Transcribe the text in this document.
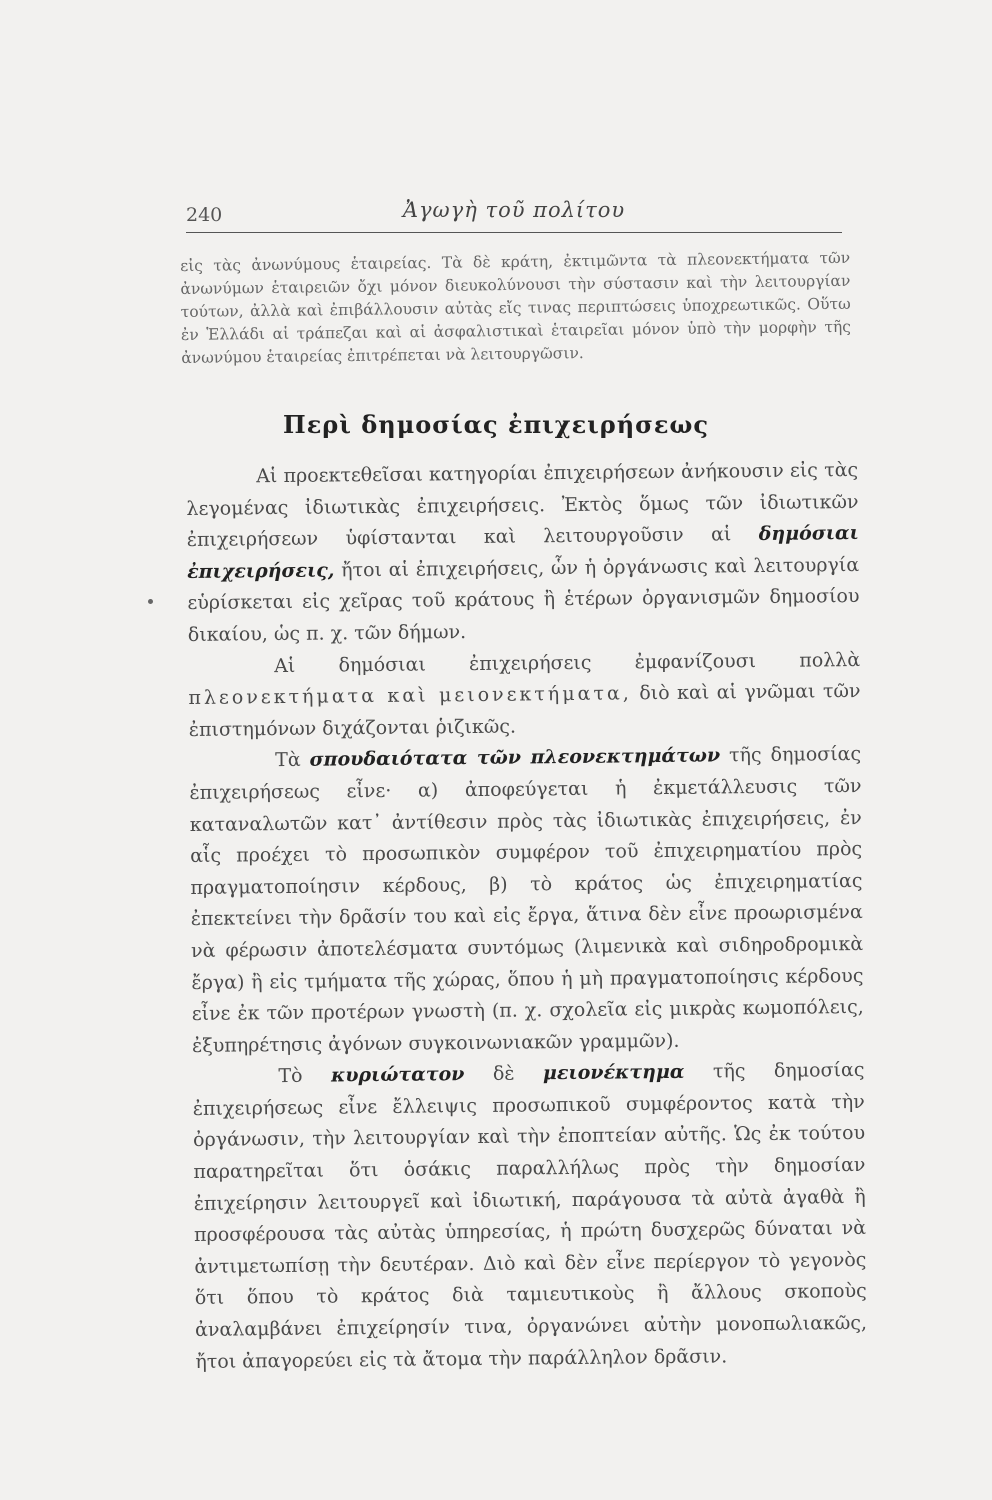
240	Ἀγωγὴ τοῦ πολίτου

εἰς τὰς ἀνωνύμους ἑταιρείας. Τὰ δὲ κράτη, ἐκτιμῶντα τὰ πλεονεκτήματα τῶν ἀνωνύμων ἑταιρειῶν ὄχι μόνον διευκολύνουσι τὴν σύστασιν καὶ τὴν λειτουργίαν τούτων, ἀλλὰ καὶ ἐπιβάλλουσιν αὐτὰς εἴς τινας περιπτώσεις ὑποχρεωτικῶς. Οὕτω ἐν Ἑλλάδι αἱ τράπεζαι καὶ αἱ ἀσφαλιστικαὶ ἑταιρεῖαι μόνον ὑπὸ τὴν μορφὴν τῆς ἀνωνύμου ἑταιρείας ἐπιτρέπεται νὰ λειτουργῶσιν.

Περὶ δημοσίας ἐπιχειρήσεως

Αἱ προεκτεθεῖσαι κατηγορίαι ἐπιχειρήσεων ἀνήκουσιν εἰς τὰς λεγομένας ἰδιωτικὰς ἐπιχειρήσεις. Ἐκτὸς ὅμως τῶν ἰδιωτικῶν ἐπιχειρήσεων ὑφίστανται καὶ λειτουργοῦσιν αἱ δημόσιαι ἐπιχειρήσεις, ἤτοι αἱ ἐπιχειρήσεις, ὧν ἡ ὀργάνωσις καὶ λειτουργία εὑρίσκεται εἰς χεῖρας τοῦ κράτους ἢ ἑτέρων ὀργανισμῶν δημοσίου δικαίου, ὡς π. χ. τῶν δήμων.

Αἱ δημόσιαι ἐπιχειρήσεις ἐμφανίζουσι πολλὰ πλεονεκτήματα καὶ μειονεκτήματα, διὸ καὶ αἱ γνῶμαι τῶν ἐπιστημόνων διχάζονται ῥιζικῶς.

Τὰ σπουδαιότατα τῶν πλεονεκτημάτων τῆς δημοσίας ἐπιχειρήσεως εἶνε· α) ἀποφεύγεται ἡ ἐκμετάλλευσις τῶν καταναλωτῶν κατ᾽ ἀντίθεσιν πρὸς τὰς ἰδιωτικὰς ἐπιχειρήσεις, ἐν αἷς προέχει τὸ προσωπικὸν συμφέρον τοῦ ἐπιχειρηματίου πρὸς πραγματοποίησιν κέρδους, β) τὸ κράτος ὡς ἐπιχειρηματίας ἐπεκτείνει τὴν δρᾶσίν του καὶ εἰς ἔργα, ἅτινα δὲν εἶνε προωρισμένα νὰ φέρωσιν ἀποτελέσματα συντόμως (λιμενικὰ καὶ σιδηροδρομικὰ ἔργα) ἢ εἰς τμήματα τῆς χώρας, ὅπου ἡ μὴ πραγματοποίησις κέρδους εἶνε ἐκ τῶν προτέρων γνωστὴ (π. χ. σχολεῖα εἰς μικρὰς κωμοπόλεις, ἐξυπηρέτησις ἀγόνων συγκοινωνιακῶν γραμμῶν).

Τὸ κυριώτατον δὲ μειονέκτημα τῆς δημοσίας ἐπιχειρήσεως εἶνε ἔλλειψις προσωπικοῦ συμφέροντος κατὰ τὴν ὀργάνωσιν, τὴν λειτουργίαν καὶ τὴν ἐποπτείαν αὐτῆς. Ὡς ἐκ τούτου παρατηρεῖται ὅτι ὁσάκις παραλλήλως πρὸς τὴν δημοσίαν ἐπιχείρησιν λειτουργεῖ καὶ ἰδιωτική, παράγουσα τὰ αὐτὰ ἀγαθὰ ἢ προσφέρουσα τὰς αὐτὰς ὑπηρεσίας, ἡ πρώτη δυσχερῶς δύναται νὰ ἀντιμετωπίσῃ τὴν δευτέραν. Διὸ καὶ δὲν εἶνε περίεργον τὸ γεγονὸς ὅτι ὅπου τὸ κράτος διὰ ταμιευτικοὺς ἢ ἄλλους σκοποὺς ἀναλαμβάνει ἐπιχείρησίν τινα, ὀργανώνει αὐτὴν μονοπωλιακῶς, ἤτοι ἀπαγορεύει εἰς τὰ ἄτομα τὴν παράλληλον δρᾶσιν.
